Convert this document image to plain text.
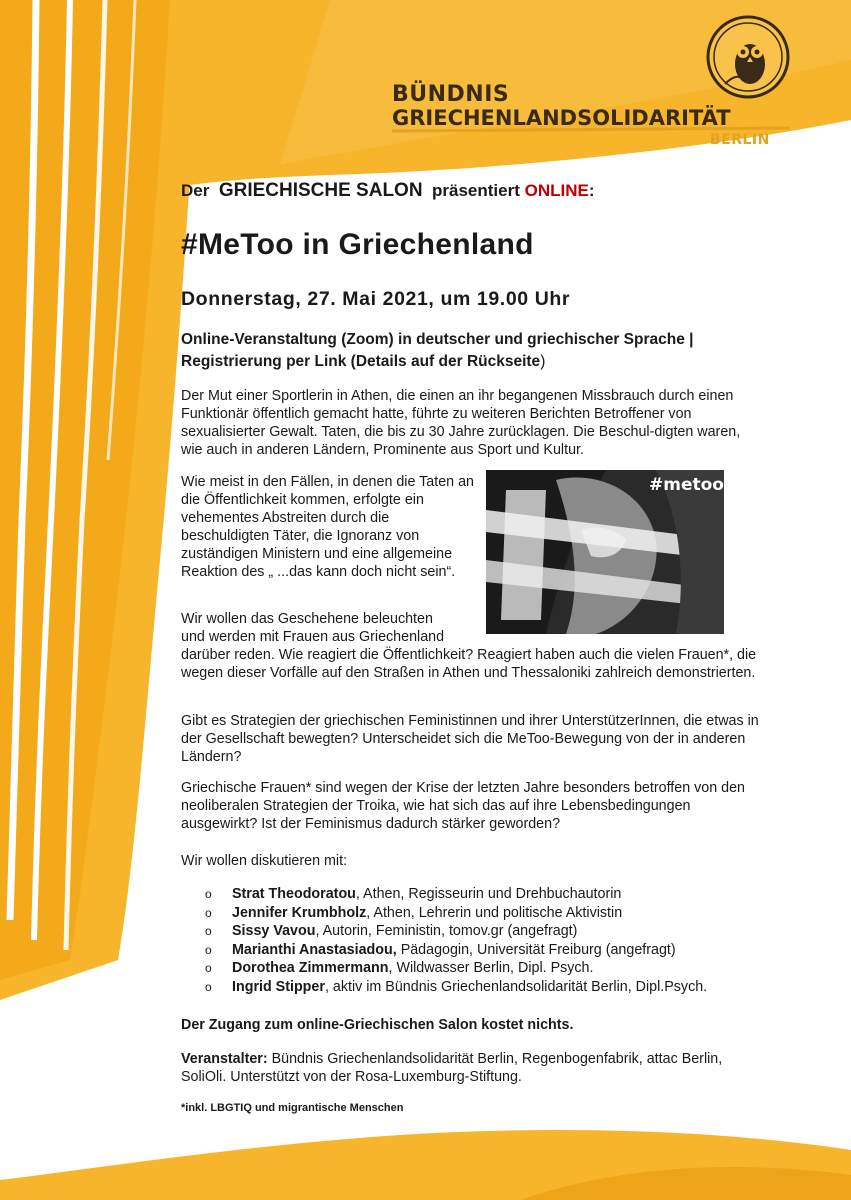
BÜNDNIS
GRIECHENLANDSOLIDARITÄT
BERLIN
Der GRIECHISCHE SALON präsentiert ONLINE:
#MeToo in Griechenland
Donnerstag, 27. Mai 2021, um 19.00 Uhr
Online-Veranstaltung (Zoom) in deutscher und griechischer Sprache | Registrierung per Link (Details auf der Rückseite)
Der Mut einer Sportlerin in Athen, die einen an ihr begangenen Missbrauch durch einen Funktionär öffentlich gemacht hatte, führte zu weiteren Berichten Betroffener von sexualisierter Gewalt. Taten, die bis zu 30 Jahre zurücklagen. Die Beschul-digten waren, wie auch in anderen Ländern, Prominente aus Sport und Kultur.
Wie meist in den Fällen, in denen die Taten an die Öffentlichkeit kommen, erfolgte ein vehementes Abstreiten durch die beschuldigten Täter, die Ignoranz von zuständigen Ministern und eine allgemeine Reaktion des „ ...das kann doch nicht sein“.
Wir wollen das Geschehene beleuchten
und werden mit Frauen aus Griechenland
darüber reden. Wie reagiert die Öffentlichkeit? Reagiert haben auch die vielen Frauen*, die wegen dieser Vorfälle auf den Straßen in Athen und Thessaloniki zahlreich demonstrierten.
Gibt es Strategien der griechischen Feministinnen und ihrer UnterstützerInnen, die etwas in der Gesellschaft bewegten? Unterscheidet sich die MeToo-Bewegung von der in anderen Ländern?
Griechische Frauen* sind wegen der Krise der letzten Jahre besonders betroffen von den neoliberalen Strategien der Troika, wie hat sich das auf ihre Lebensbedingungen ausgewirkt? Ist der Feminismus dadurch stärker geworden?
Wir wollen diskutieren mit:
Der Zugang zum online-Griechischen Salon kostet nichts.
Veranstalter: Bündnis Griechenlandsolidarität Berlin, Regenbogenfabrik, attac Berlin, SoliOli. Unterstützt von der Rosa-Luxemburg-Stiftung.
*inkl. LBGTIQ und migrantische Menschen
#metoo
o Strat Theodoratou, Athen, Regisseurin und Drehbuchautorin
o Jennifer Krumbholz, Athen, Lehrerin und politische Aktivistin
o Sissy Vavou, Autorin, Feministin, tomov.gr (angefragt)
o Marianthi Anastasiadou, Pädagogin, Universität Freiburg (angefragt)
o Dorothea Zimmermann, Wildwasser Berlin, Dipl. Psych.
o Ingrid Stipper, aktiv im Bündnis Griechenlandsolidarität Berlin, Dipl.Psych.
